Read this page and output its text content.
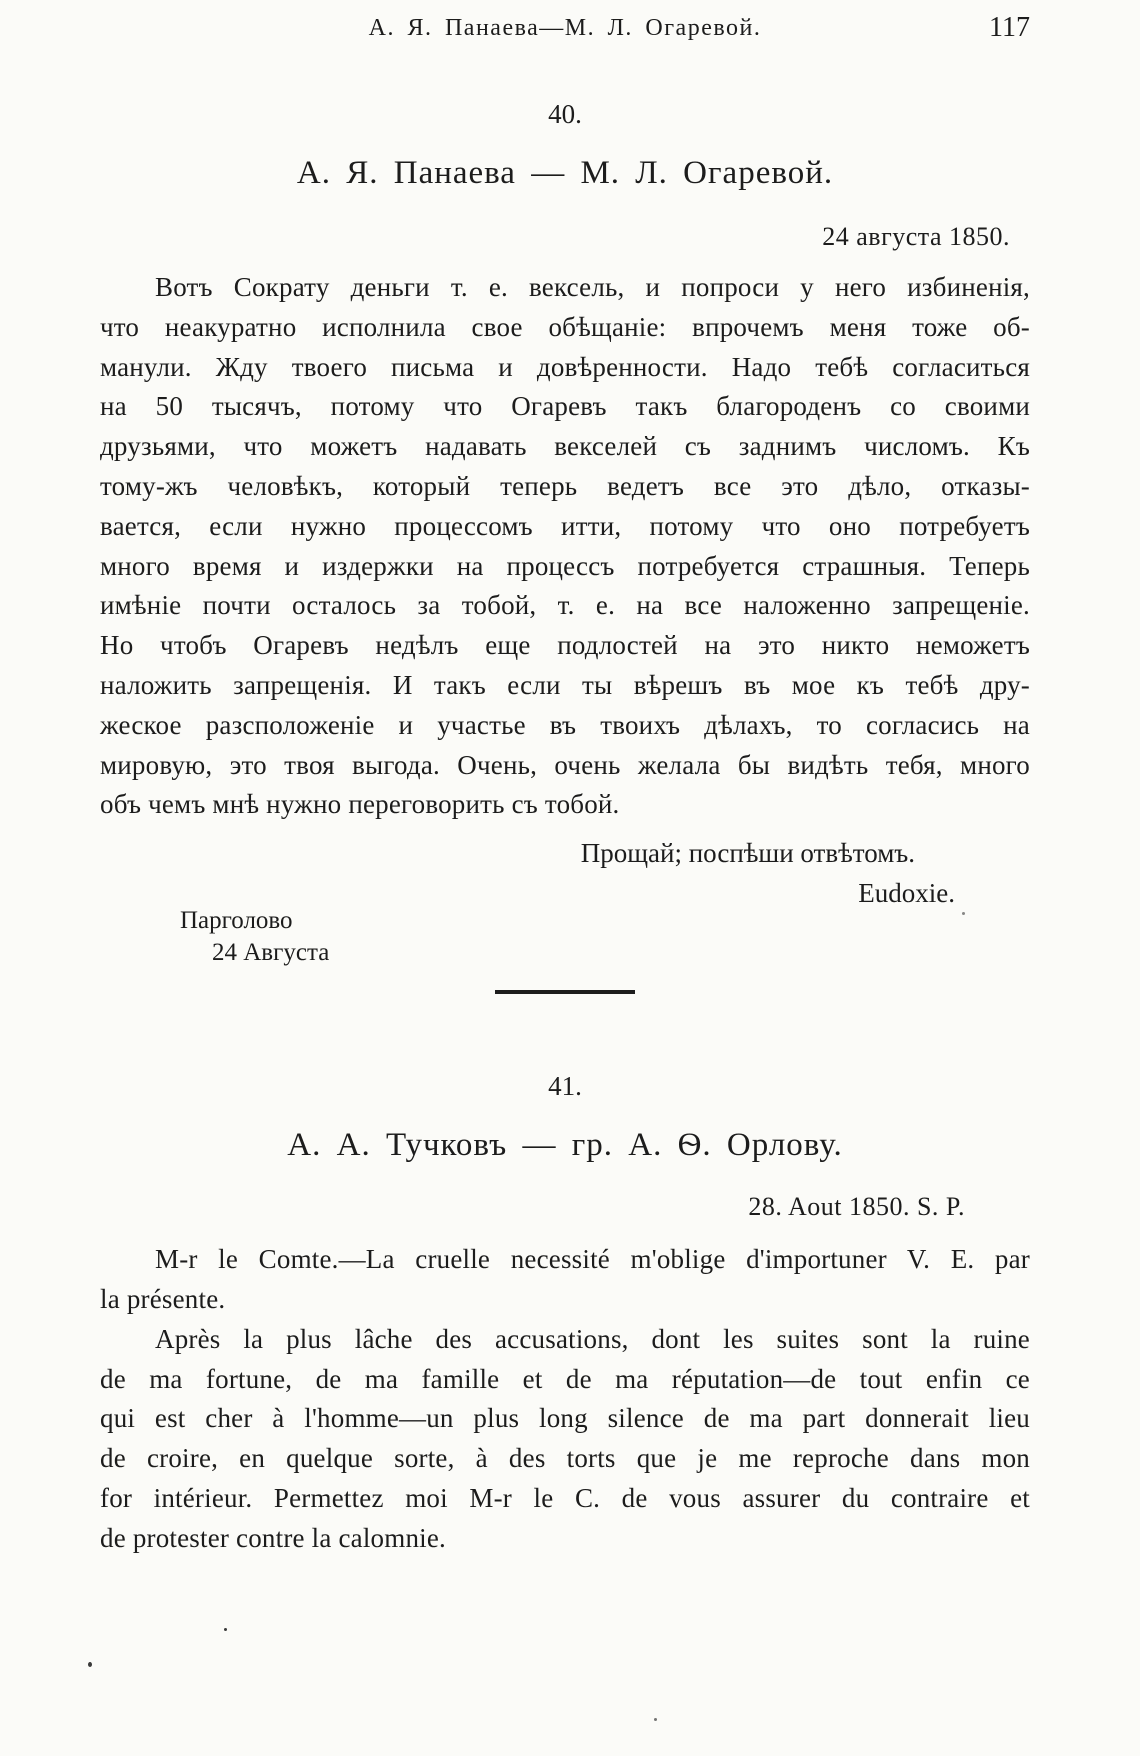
А. Я. Панаева—М. Л. Огаревой.	117
40.
А. Я. Панаева — М. Л. Огаревой.
24 августа 1850.
Вотъ Сократу деньги т. е. вексель, и попроси у него избиненія,
что неакуратно исполнила свое обѣщаніе: впрочемъ меня тоже об-
манули. Жду твоего письма и довѣренности. Надо тебѣ согласиться
на 50 тысячъ, потому что Огаревъ такъ благороденъ со своими
друзьями, что можетъ надавать векселей съ заднимъ числомъ. Къ
тому-жъ человѣкъ, который теперь ведетъ все это дѣло, отказы-
вается, если нужно процессомъ итти, потому что оно потребуетъ
много время и издержки на процессъ потребуется страшныя. Теперь
имѣніе почти осталось за тобой, т. е. на все наложенно запрещеніе.
Но чтобъ Огаревъ недѣлъ еще подлостей на это никто неможетъ
наложить запрещенія. И такъ если ты вѣрешъ въ мое къ тебѣ дру-
жеское разсположеніе и участье въ твоихъ дѣлахъ, то согласись на
мировую, это твоя выгода. Очень, очень желала бы видѣть тебя, много
объ чемъ мнѣ нужно переговорить съ тобой.
Прощай; поспѣши отвѣтомъ.
Eudoxie.
Парголово
24 Августа
41.
А. А. Тучковъ — гр. А. Ѳ. Орлову.
28. Aout 1850. S. P.
M-r le Comte.—La cruelle necessité m'oblige d'importuner V. E. par
la présente.
Après la plus lâche des accusations, dont les suites sont la ruine
de ma fortune, de ma famille et de ma réputation—de tout enfin ce
qui est cher à l'homme—un plus long silence de ma part donnerait lieu
de croire, en quelque sorte, à des torts que je me reproche dans mon
for intérieur. Permettez moi M-r le C. de vous assurer du contraire et
de protester contre la calomnie.
